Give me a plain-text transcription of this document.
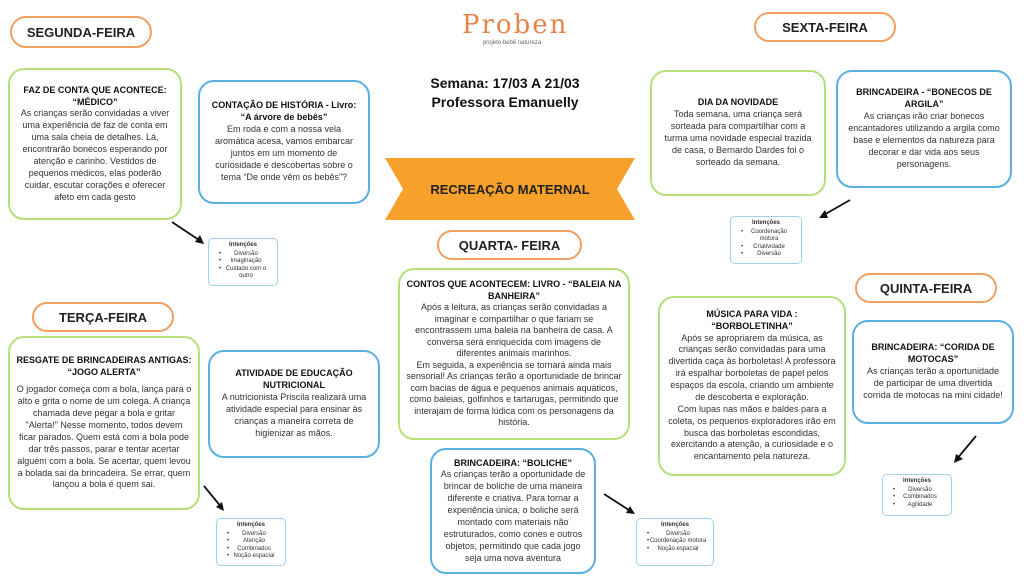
Proben
projeto bebê natureza
Semana: 17/03 A 21/03
Professora Emanuelly
RECREAÇÃO MATERNAL
SEGUNDA-FEIRA
TERÇA-FEIRA
QUARTA- FEIRA
QUINTA-FEIRA
SEXTA-FEIRA
FAZ DE CONTA QUE ACONTECE: “MÉDICO”
As crianças serão convidadas a viver uma experiência de faz de conta em uma sala cheia de detalhes. Lá, encontrarão bonecos esperando por atenção e carinho. Vestidos de pequenos médicos, elas poderão cuidar, escutar corações e oferecer afeto em cada gesto
CONTAÇÃO DE HISTÓRIA - Livro: “A árvore de bebês”
Em roda e com a nossa vela aromática acesa, vamos embarcar juntos em um momento de curiosidade e descobertas sobre o tema “De onde vêm os bebês”?
RESGATE DE BRINCADEIRAS ANTIGAS: “JOGO ALERTA”
O jogador começa com a bola, lança para o alto e grita o nome de um colega. A criança chamada deve pegar a bola e gritar "Alerta!" Nesse momento, todos devem ficar parados. Quem está com a bola pode dar três passos, parar e tentar acertar alguém com a bola. Se acertar, quem levou a bolada sai da brincadeira. Se errar, quem lançou a bola é quem sai.
ATIVIDADE DE EDUCAÇÃO NUTRICIONAL
A nutricionista Priscila realizará uma atividade especial para ensinar às crianças a maneira correta de higienizar as mãos.
CONTOS QUE ACONTECEM: LIVRO - “BALEIA NA BANHEIRA”
Após a leitura, as crianças serão convidadas a imaginar e compartilhar o que fariam se encontrassem uma baleia na banheira de casa. A conversa será enriquecida com imagens de diferentes animais marinhos.
Em seguida, a experiência se tornará ainda mais sensorial! As crianças terão a oportunidade de brincar com bacias de água e pequenos animais aquáticos, como baleias, golfinhos e tartarugas, permitindo que interajam de forma lúdica com os personagens da história.
BRINCADEIRA: “BOLICHE”
As crianças terão a oportunidade de brincar de boliche de uma maneira diferente e criativa. Para tornar a experiência única, o boliche será montado com materiais não estruturados, como cones e outros objetos, permitindo que cada jogo seja uma nova aventura
MÚSICA PARA VIDA : “BORBOLETINHA”
Após se apropriarem da música, as crianças serão convidadas para uma divertida caça às borboletas! A professora irá espalhar borboletas de papel pelos espaços da escola, criando um ambiente de descoberta e exploração.
Com lupas nas mãos e baldes para a coleta, os pequenos exploradores irão em busca das borboletas escondidas, exercitando a atenção, a curiosidade e o encantamento pela natureza.
BRINCADEIRA: “CORIDA DE MOTOCAS”
As crianças terão a oportunidade de participar de uma divertida corrida de motocas na mini cidade!
DIA DA NOVIDADE
Toda semana, uma criança será sorteada para compartilhar com a turma uma novidade especial trazida de casa, o Bernardo Dardes foi o sorteado da semana.
BRINCADEIRA - “BONECOS DE ARGILA”
As crianças irão criar bonecos encantadores utilizando a argila como base e elementos da natureza para decorar e dar vida aos seus personagens.
Intenções
• Diversão
• Imaginação
• Cuidado com o outro
Intenções
• Diversão
• Atenção
• Combinados
• Noção espacial
Intenções
• Diversão
• Coordenação motora
• Noção espacial
Intenções
• Diversão
• Combinados
• Agilidade
Intenções
• Coordenação motora
• Criatividade
• Diversão
